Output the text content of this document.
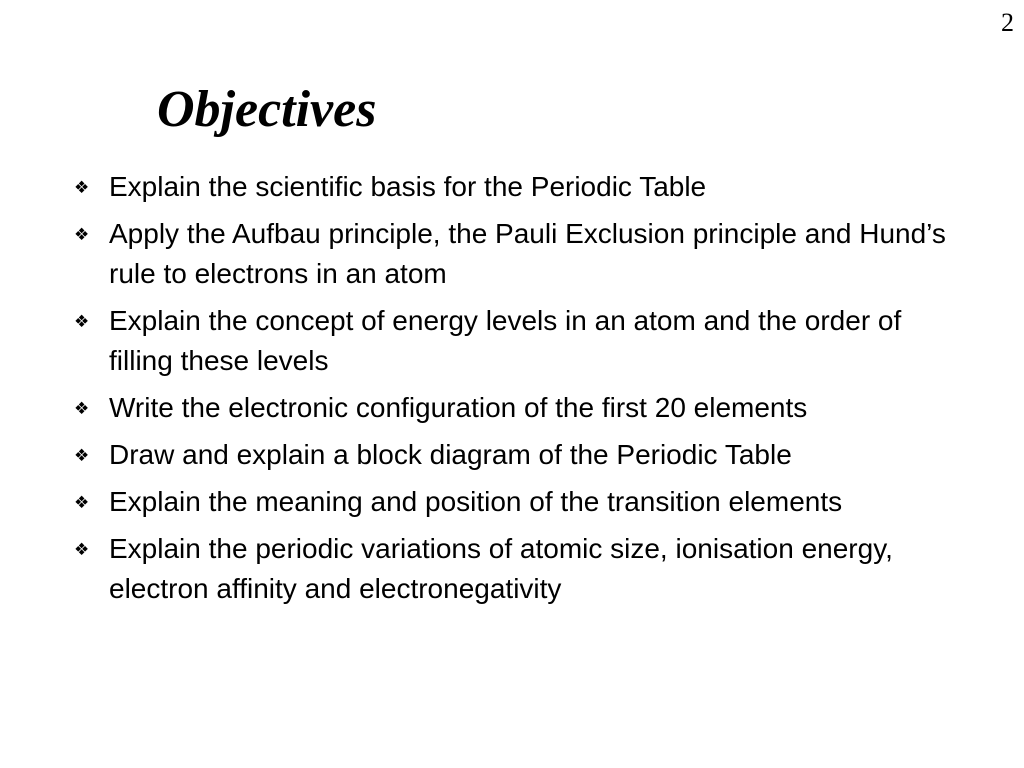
2
Objectives
❖ Explain the scientific basis for the Periodic Table
❖ Apply the Aufbau principle, the Pauli Exclusion principle and Hund’s rule to electrons in an atom
❖ Explain the concept of energy levels in an atom and the order of filling these levels
❖ Write the electronic configuration of the first 20 elements
❖ Draw and explain a block diagram of the Periodic Table
❖ Explain the meaning and position of the transition elements
❖ Explain the periodic variations of atomic size, ionisation energy, electron affinity and electronegativity
